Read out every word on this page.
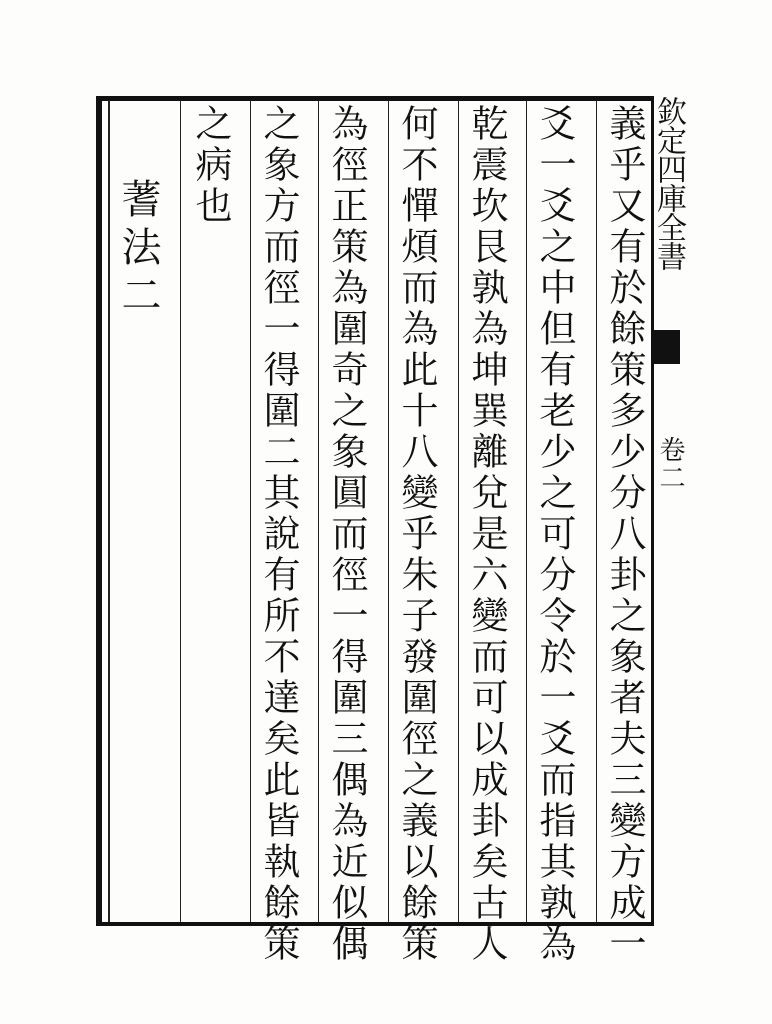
欽定四庫全書
卷二
義乎又有於餘策多少分八卦之象者夫三變方成一
爻一爻之中但有老少之可分令於一爻而指其孰為
乾震坎艮孰為坤巽離兌是六變而可以成卦矣古人
何不憚煩而為此十八變乎朱子發圍徑之義以餘策
為徑正策為圍奇之象圓而徑一得圍三偶為近似偶
之象方而徑一得圍二其說有所不達矣此皆執餘策
之病也
蓍法二
